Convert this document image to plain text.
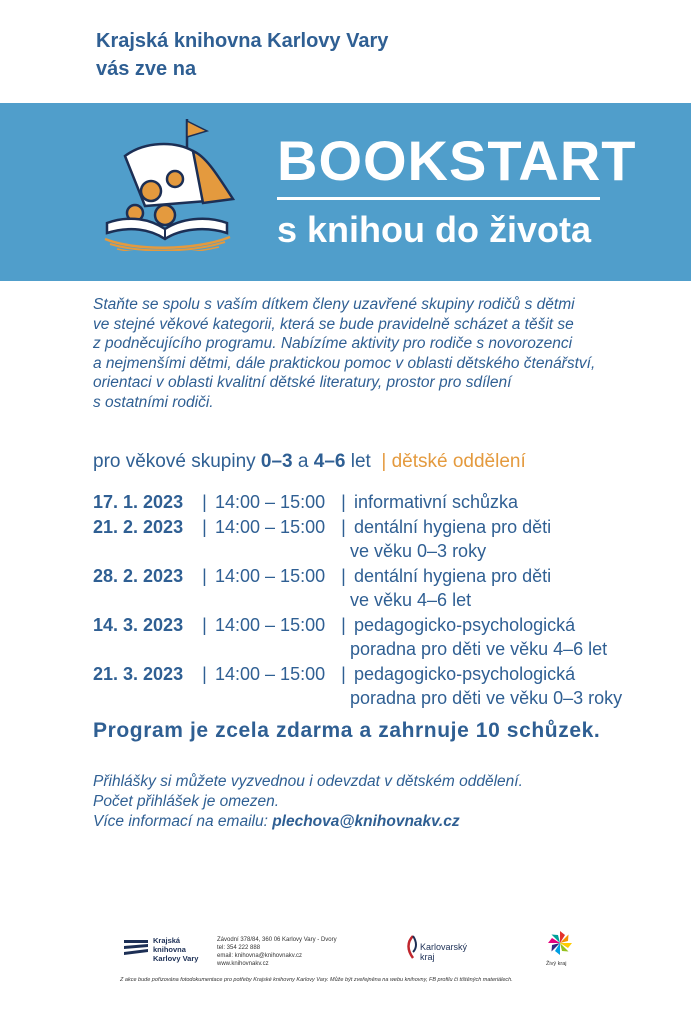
Krajská knihovna Karlovy Vary
vás zve na
BOOKSTART
s knihou do života
Staňte se spolu s vaším dítkem členy uzavřené skupiny rodičů s dětmi
ve stejné věkové kategorii, která se bude pravidelně scházet a těšit se
z podněcujícího programu. Nabízíme aktivity pro rodiče s novorozenci
a nejmenšími dětmi, dále praktickou pomoc v oblasti dětského čtenářství,
orientaci v oblasti kvalitní dětské literatury, prostor pro sdílení
s ostatními rodiči.
pro věkové skupiny 0–3 a 4–6 let | dětské oddělení
17. 1. 2023	| 14:00 – 15:00 | informativní schůzka
21. 2. 2023	| 14:00 – 15:00 | dentální hygiena pro děti
ve věku 0–3 roky
28. 2. 2023	| 14:00 – 15:00 | dentální hygiena pro děti
ve věku 4–6 let
14. 3. 2023	| 14:00 – 15:00 | pedagogicko-psychologická
poradna pro děti ve věku 4–6 let
21. 3. 2023	| 14:00 – 15:00 | pedagogicko-psychologická
poradna pro děti ve věku 0–3 roky
Program je zcela zdarma a zahrnuje 10 schůzek.
Přihlášky si můžete vyzvednou i odevzdat v dětském oddělení.
Počet přihlášek je omezen.
Více informací na emailu: plechova@knihovnakv.cz
Krajská
knihovna
Karlovy Vary
Závodní 378/84, 360 06 Karlovy Vary - Dvory
tel: 354 222 888
email: knihovna@knihovnakv.cz
www.knihovnakv.cz
Karlovarský
kraj
Živý kraj
Z akce bude pořizována fotodokumentace pro potřeby Krajské knihovny Karlovy Vary. Může být zveřejněna na webu knihovny, FB profilu či tištěných materiálech.
